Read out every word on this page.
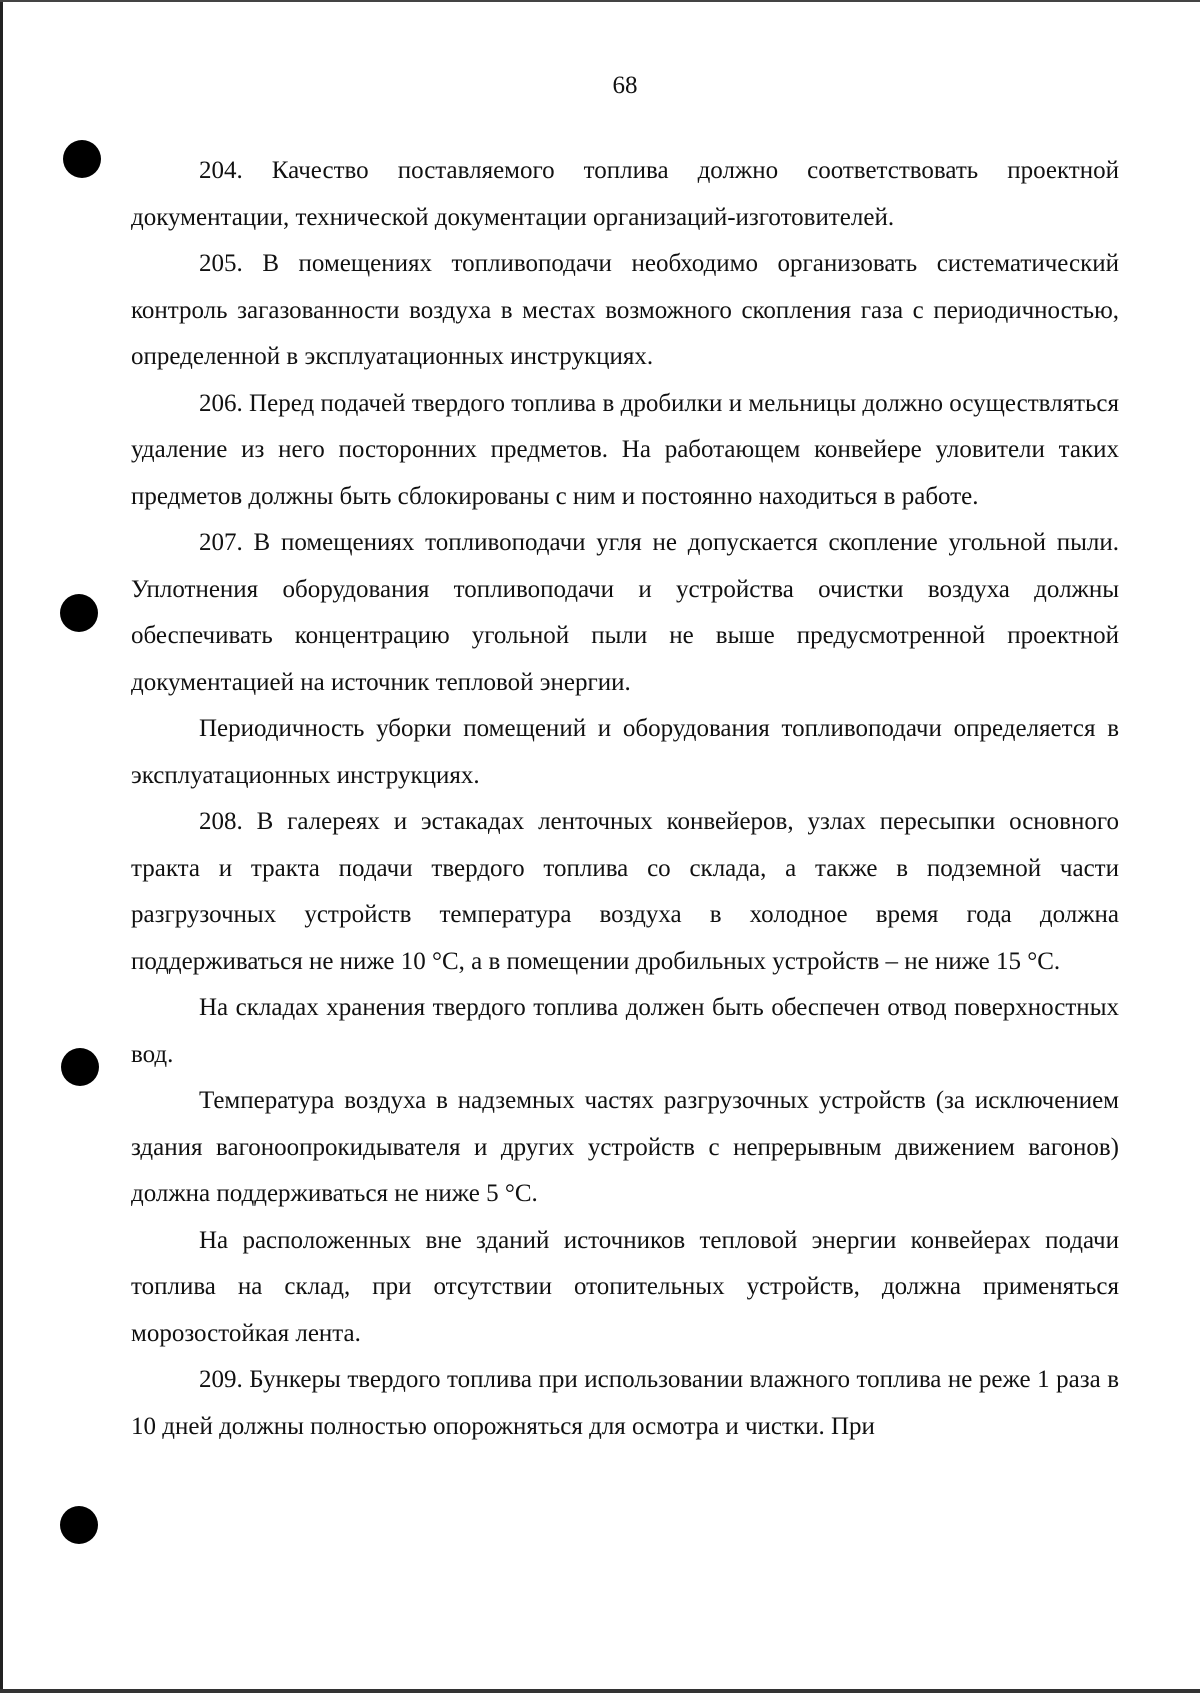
68

204. Качество поставляемого топлива должно соответствовать проектной документации, технической документации организаций-изготовителей.

205. В помещениях топливоподачи необходимо организовать систематический контроль загазованности воздуха в местах возможного скопления газа с периодичностью, определенной в эксплуатационных инструкциях.

206. Перед подачей твердого топлива в дробилки и мельницы должно осуществляться удаление из него посторонних предметов. На работающем конвейере уловители таких предметов должны быть сблокированы с ним и постоянно находиться в работе.

207. В помещениях топливоподачи угля не допускается скопление угольной пыли. Уплотнения оборудования топливоподачи и устройства очистки воздуха должны обеспечивать концентрацию угольной пыли не выше предусмотренной проектной документацией на источник тепловой энергии.

Периодичность уборки помещений и оборудования топливоподачи определяется в эксплуатационных инструкциях.

208. В галереях и эстакадах ленточных конвейеров, узлах пересыпки основного тракта и тракта подачи твердого топлива со склада, а также в подземной части разгрузочных устройств температура воздуха в холодное время года должна поддерживаться не ниже 10 °С, а в помещении дробильных устройств – не ниже 15 °С.

На складах хранения твердого топлива должен быть обеспечен отвод поверхностных вод.

Температура воздуха в надземных частях разгрузочных устройств (за исключением здания вагоноопрокидывателя и других устройств с непрерывным движением вагонов) должна поддерживаться не ниже 5 °С.

На расположенных вне зданий источников тепловой энергии конвейерах подачи топлива на склад, при отсутствии отопительных устройств, должна применяться морозостойкая лента.

209. Бункеры твердого топлива при использовании влажного топлива не реже 1 раза в 10 дней должны полностью опорожняться для осмотра и чистки. При
